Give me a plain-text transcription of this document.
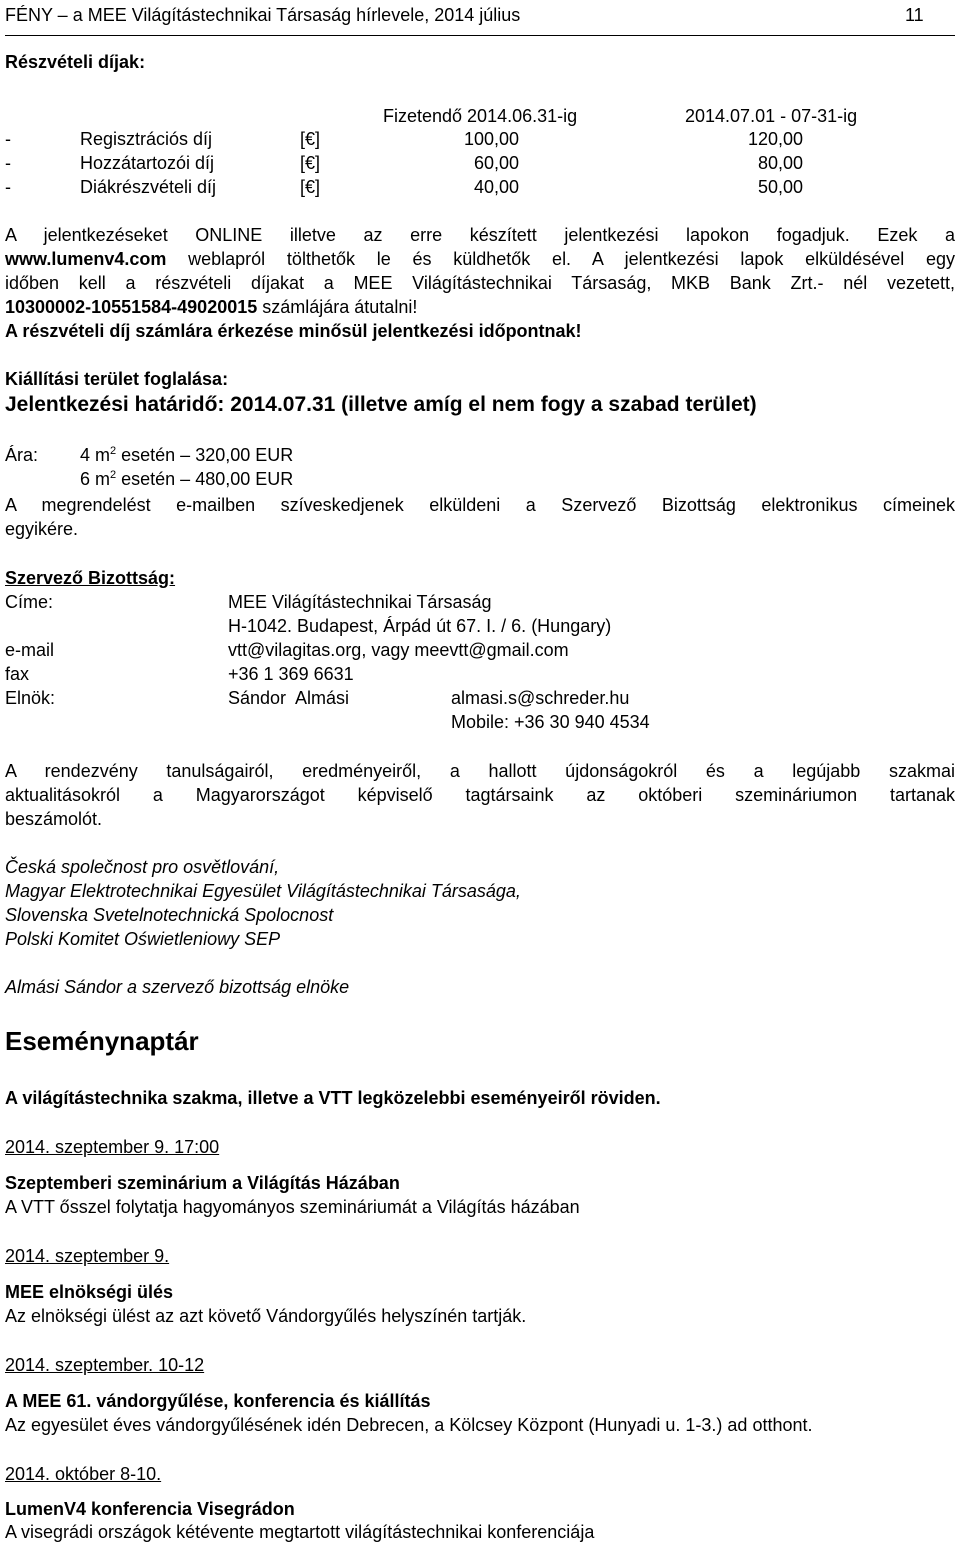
FÉNY – a MEE Világítástechnikai Társaság hírlevele, 2014 július	11
Részvételi díjak:
Fizetendő 2014.06.31-ig	2014.07.01 - 07-31-ig
-	Regisztrációs díj	[€]	100,00	120,00
-	Hozzátartozói díj	[€]	60,00	80,00
-	Diákrészvételi díj	[€]	40,00	50,00
A jelentkezéseket ONLINE illetve az erre készített jelentkezési lapokon fogadjuk. Ezek a
www.lumenv4.com weblapról tölthetők le és küldhetők el. A jelentkezési lapok elküldésével egy
időben kell a részvételi díjakat a MEE Világítástechnikai Társaság, MKB Bank Zrt.- nél vezetett,
10300002-10551584-49020015 számlájára átutalni!
A részvételi díj számlára érkezése minősül jelentkezési időpontnak!
Kiállítási terület foglalása:
Jelentkezési határidő: 2014.07.31 (illetve amíg el nem fogy a szabad terület)
Ára: 4 $m^2$ esetén – 320,00 EUR
6 $m^2$ esetén – 480,00 EUR
A megrendelést e-mailben szíveskedjenek elküldeni a Szervező Bizottság elektronikus címeinek
egyikére.
Szervező Bizottság:
Címe:	MEE Világítástechnikai Társaság
H-1042. Budapest, Árpád út 67. I. / 6. (Hungary)
e-mail	vtt@vilagitas.org, vagy meevtt@gmail.com
fax	+36 1 369 6631
Elnök:	Sándor  Almási	almasi.s@schreder.hu
Mobile: +36 30 940 4534
A rendezvény tanulságairól, eredményeiről, a hallott újdonságokról és a legújabb szakmai
aktualitásokról a Magyarországot képviselő tagtársaink az októberi szemináriumon tartanak
beszámolót.
Česká společnost pro osvětlování,
Magyar Elektrotechnikai Egyesület Világítástechnikai Társasága,
Slovenska Svetelnotechnická Spolocnost
Polski Komitet Oświetleniowy SEP
Almási Sándor a szervező bizottság elnöke
Eseménynaptár
A világítástechnika szakma, illetve a VTT legközelebbi eseményeiről röviden.
2014. szeptember 9. 17:00
Szeptemberi szeminárium a Világítás Házában
A VTT ősszel folytatja hagyományos szemináriumát a Világítás házában
2014. szeptember 9.
MEE elnökségi ülés
Az elnökségi ülést az azt követő Vándorgyűlés helyszínén tartják.
2014. szeptember. 10-12
A MEE 61. vándorgyűlése, konferencia és kiállítás
Az egyesület éves vándorgyűlésének idén Debrecen, a Kölcsey Központ (Hunyadi u. 1-3.) ad otthont.
2014. október 8-10.
LumenV4 konferencia Visegrádon
A visegrádi országok kétévente megtartott világítástechnikai konferenciája
